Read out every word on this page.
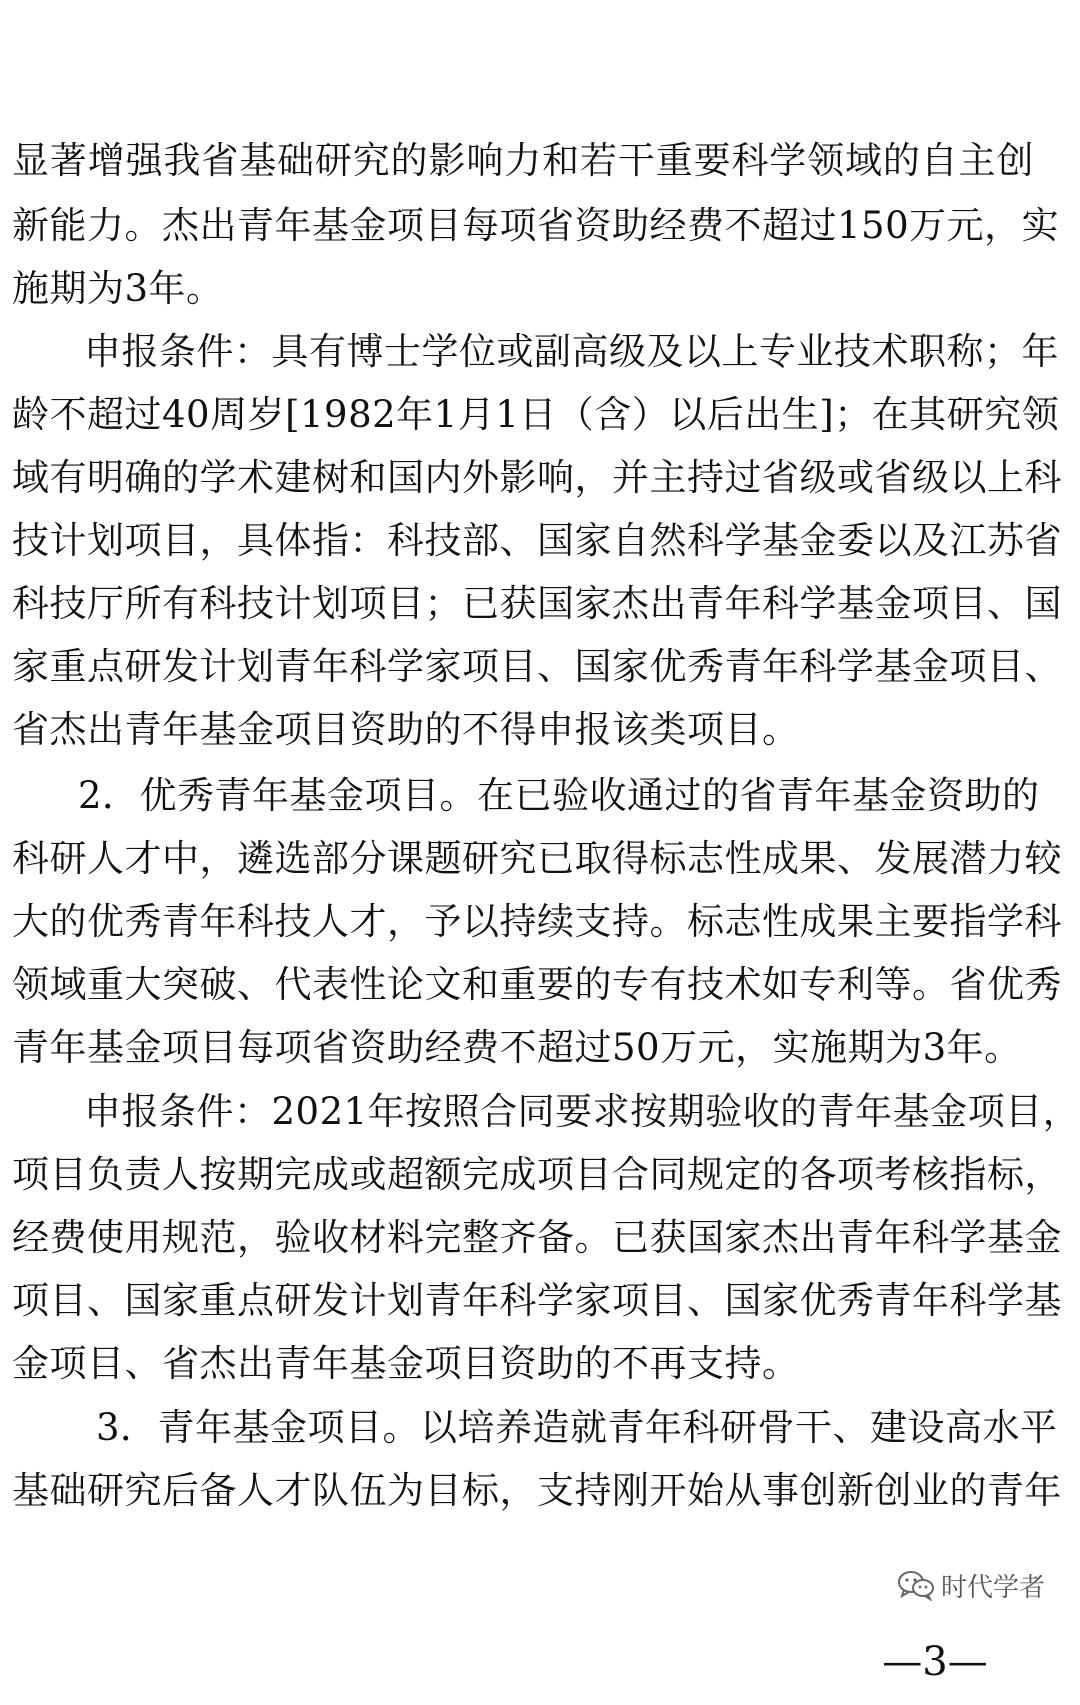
显著增强我省基础研究的影响力和若干重要科学领域的自主创
新能力。杰出青年基金项目每项省资助经费不超过150万元，实
施期为3年。
申报条件：具有博士学位或副高级及以上专业技术职称；年
龄不超过40周岁[1982年1月1日（含）以后出生]；在其研究领
域有明确的学术建树和国内外影响，并主持过省级或省级以上科
技计划项目，具体指：科技部、国家自然科学基金委以及江苏省
科技厅所有科技计划项目；已获国家杰出青年科学基金项目、国
家重点研发计划青年科学家项目、国家优秀青年科学基金项目、
省杰出青年基金项目资助的不得申报该类项目。
2．优秀青年基金项目。在已验收通过的省青年基金资助的
科研人才中，遴选部分课题研究已取得标志性成果、发展潜力较
大的优秀青年科技人才，予以持续支持。标志性成果主要指学科
领域重大突破、代表性论文和重要的专有技术如专利等。省优秀
青年基金项目每项省资助经费不超过50万元，实施期为3年。
申报条件：2021年按照合同要求按期验收的青年基金项目，
项目负责人按期完成或超额完成项目合同规定的各项考核指标，
经费使用规范，验收材料完整齐备。已获国家杰出青年科学基金
项目、国家重点研发计划青年科学家项目、国家优秀青年科学基
金项目、省杰出青年基金项目资助的不再支持。
3．青年基金项目。以培养造就青年科研骨干、建设高水平
基础研究后备人才队伍为目标，支持刚开始从事创新创业的青年
时代学者
—3—
